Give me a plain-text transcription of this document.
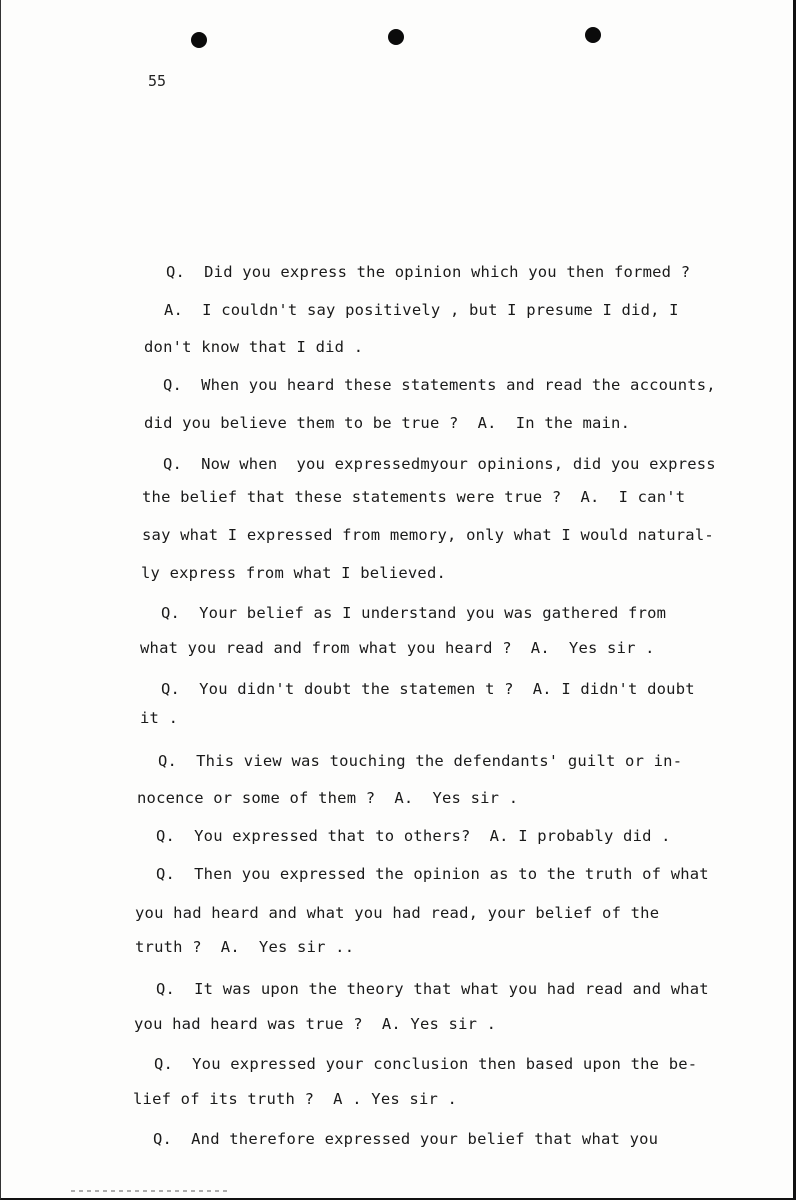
55
Q.  Did you express the opinion which you then formed ?
A.  I couldn't say positively , but I presume I did, I
don't know that I did .
Q.  When you heard these statements and read the accounts,
did you believe them to be true ?  A.  In the main.
Q.  Now when  you expressedmyour opinions, did you express
the belief that these statements were true ?  A.  I can't
say what I expressed from memory, only what I would natural-
ly express from what I believed.
Q.  Your belief as I understand you was gathered from
what you read and from what you heard ?  A.  Yes sir .
Q.  You didn't doubt the statemen t ?  A. I didn't doubt
it .
Q.  This view was touching the defendants' guilt or in-
nocence or some of them ?  A.  Yes sir .
Q.  You expressed that to others?  A. I probably did .
Q.  Then you expressed the opinion as to the truth of what
you had heard and what you had read, your belief of the
truth ?  A.  Yes sir ..
Q.  It was upon the theory that what you had read and what
you had heard was true ?  A. Yes sir .
Q.  You expressed your conclusion then based upon the be-
lief of its truth ?  A . Yes sir .
Q.  And therefore expressed your belief that what you
